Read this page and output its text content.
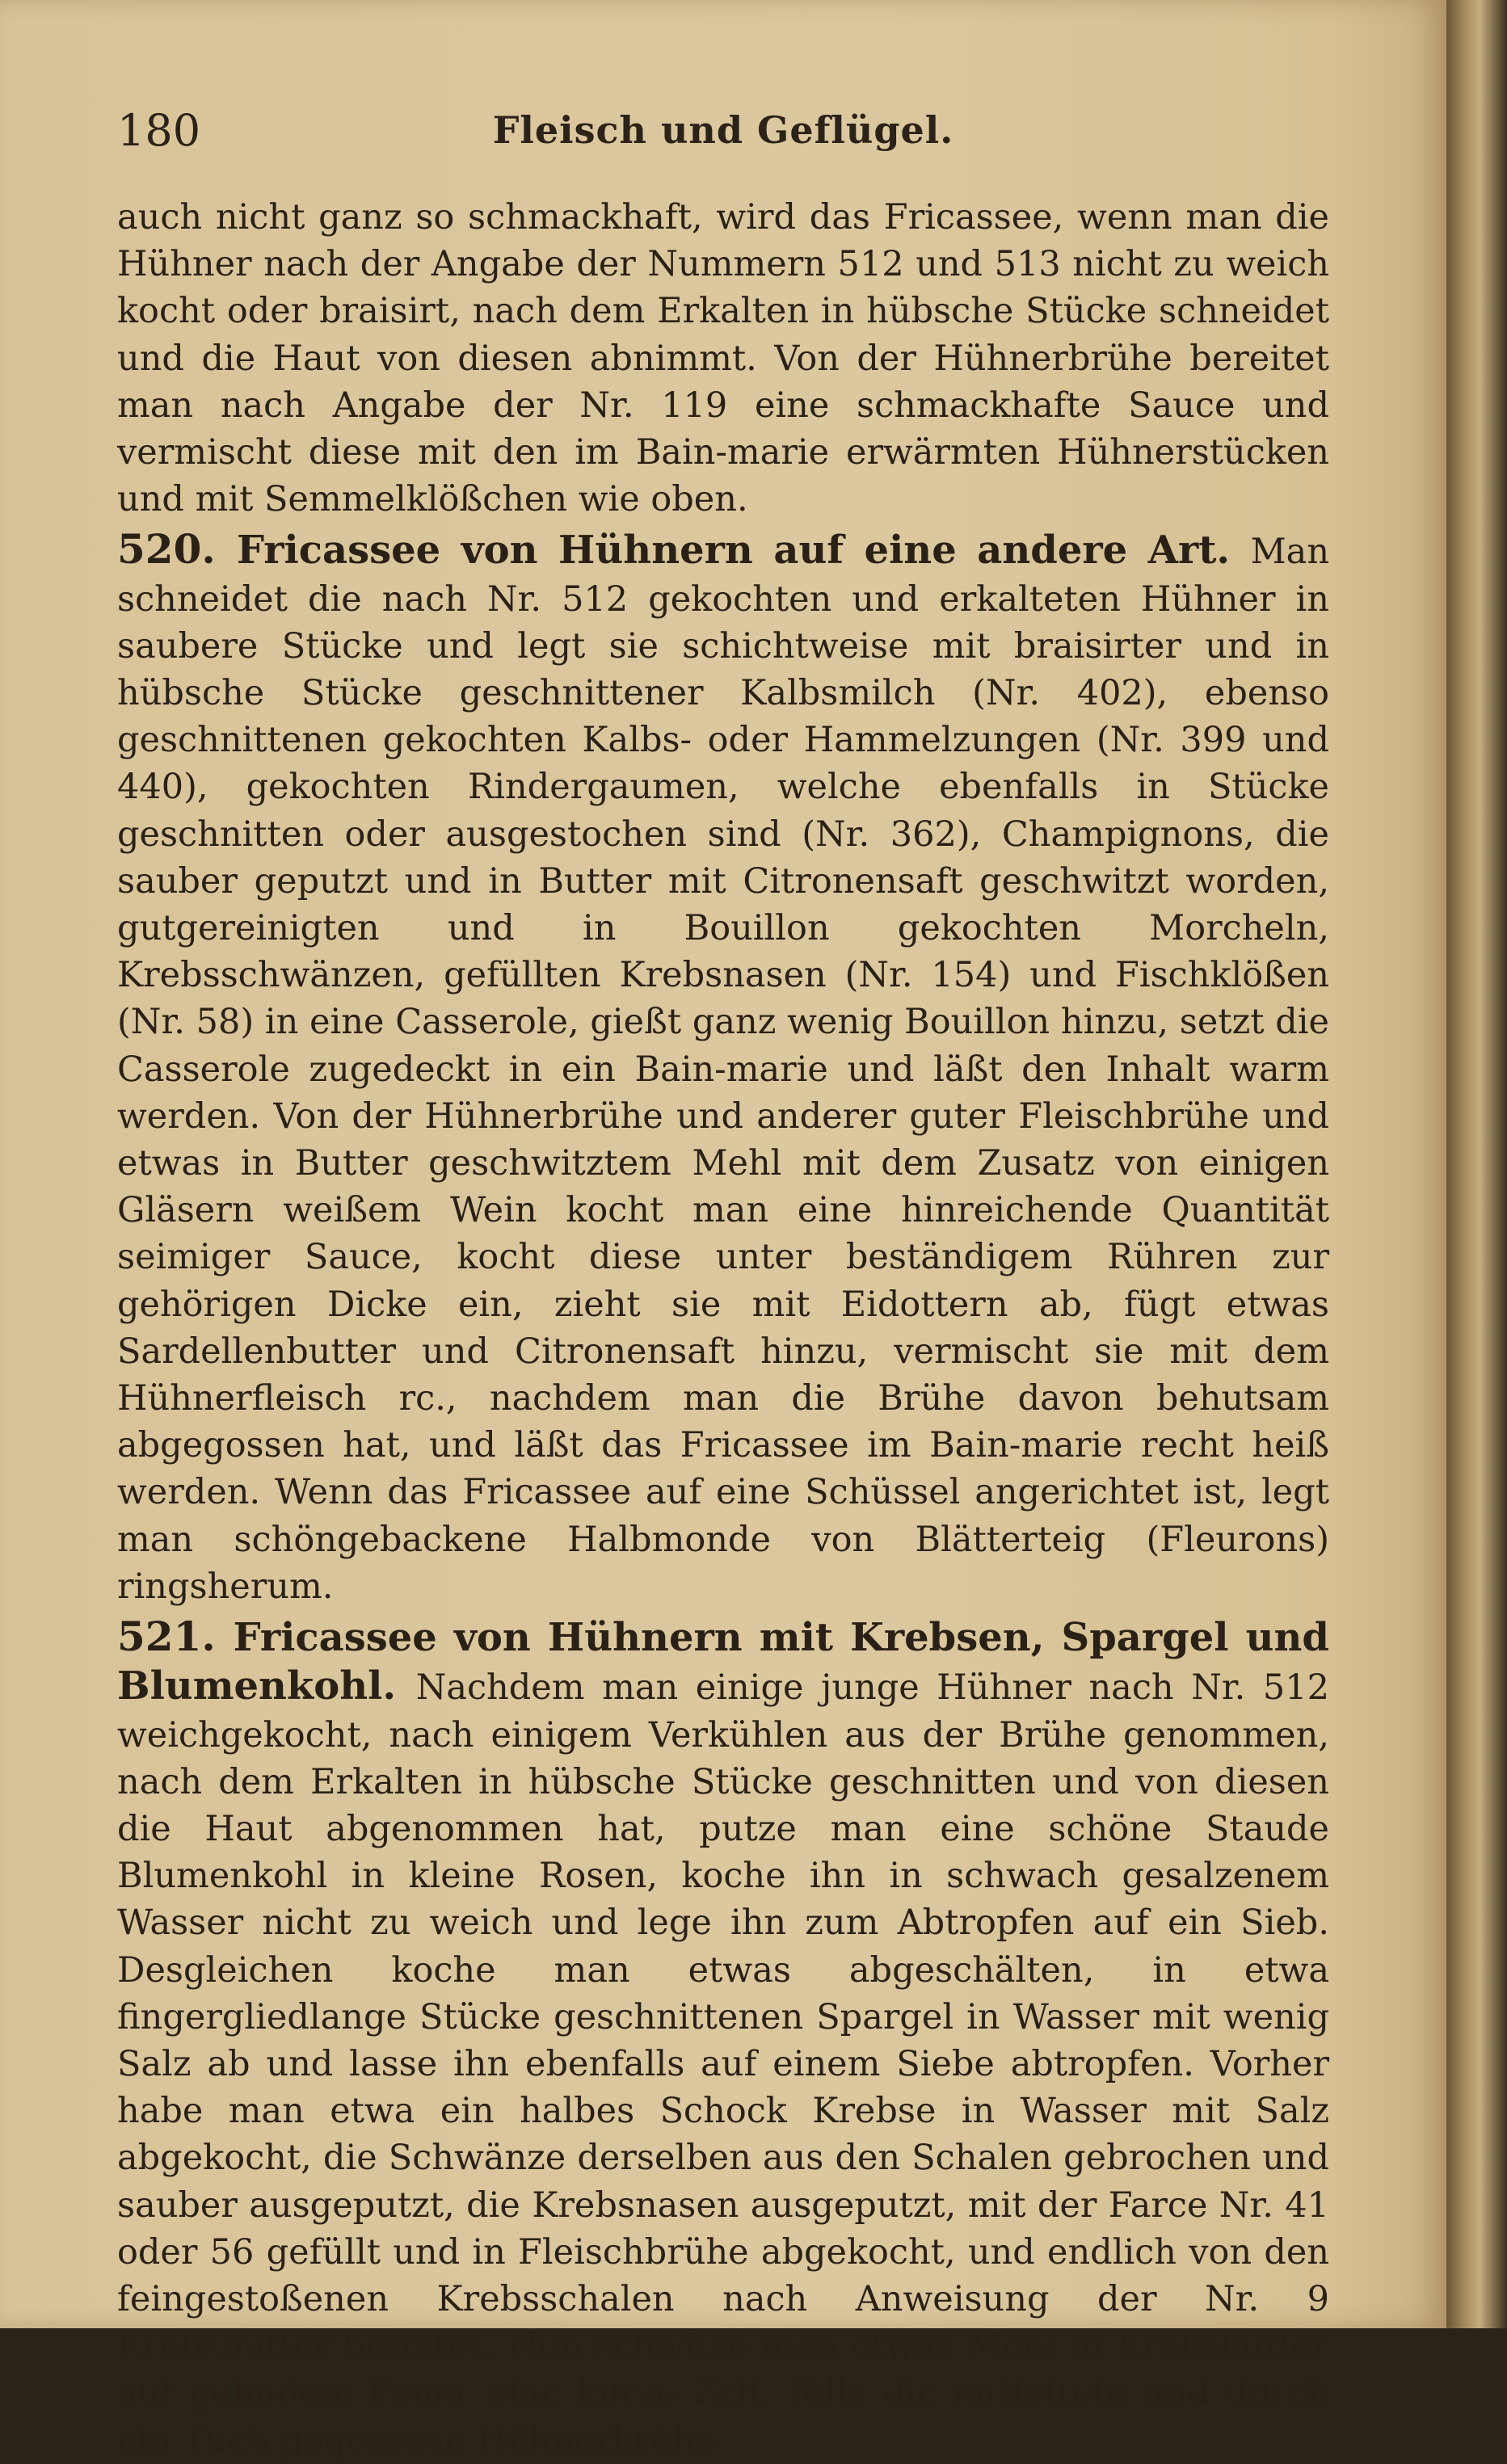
180	Fleisch und Geflügel.

auch nicht ganz so schmackhaft, wird das Fricassee, wenn man die Hühner nach der Angabe der Nummern 512 und 513 nicht zu weich kocht oder braisirt, nach dem Erkalten in hübsche Stücke schneidet und die Haut von diesen abnimmt. Von der Hühnerbrühe bereitet man nach Angabe der Nr. 119 eine schmackhafte Sauce und vermischt diese mit den im Bain-marie erwärmten Hühnerstücken und mit Semmelklößchen wie oben.

520. Fricassee von Hühnern auf eine andere Art. Man schneidet die nach Nr. 512 gekochten und erkalteten Hühner in saubere Stücke und legt sie schichtweise mit braisirter und in hübsche Stücke geschnittener Kalbsmilch (Nr. 402), ebenso geschnittenen gekochten Kalbs- oder Hammelzungen (Nr. 399 und 440), gekochten Rindergaumen, welche ebenfalls in Stücke geschnitten oder ausgestochen sind (Nr. 362), Champignons, die sauber geputzt und in Butter mit Citronensaft geschwitzt worden, gutgereinigten und in Bouillon gekochten Morcheln, Krebsschwänzen, gefüllten Krebsnasen (Nr. 154) und Fischklößen (Nr. 58) in eine Casserole, gießt ganz wenig Bouillon hinzu, setzt die Casserole zugedeckt in ein Bain-marie und läßt den Inhalt warm werden. Von der Hühnerbrühe und anderer guter Fleischbrühe und etwas in Butter geschwitztem Mehl mit dem Zusatz von einigen Gläsern weißem Wein kocht man eine hinreichende Quantität seimiger Sauce, kocht diese unter beständigem Rühren zur gehörigen Dicke ein, zieht sie mit Eidottern ab, fügt etwas Sardellenbutter und Citronensaft hinzu, vermischt sie mit dem Hühnerfleisch rc., nachdem man die Brühe davon behutsam abgegossen hat, und läßt das Fricassee im Bain-marie recht heiß werden. Wenn das Fricassee auf eine Schüssel angerichtet ist, legt man schöngebackene Halbmonde von Blätterteig (Fleurons) ringsherum.

521. Fricassee von Hühnern mit Krebsen, Spargel und Blumenkohl. Nachdem man einige junge Hühner nach Nr. 512 weichgekocht, nach einigem Verkühlen aus der Brühe genommen, nach dem Erkalten in hübsche Stücke geschnitten und von diesen die Haut abgenommen hat, putze man eine schöne Staude Blumenkohl in kleine Rosen, koche ihn in schwach gesalzenem Wasser nicht zu weich und lege ihn zum Abtropfen auf ein Sieb. Desgleichen koche man etwas abgeschälten, in etwa fingergliedlange Stücke geschnittenen Spargel in Wasser mit wenig Salz ab und lasse ihn ebenfalls auf einem Siebe abtropfen. Vorher habe man etwa ein halbes Schock Krebse in Wasser mit Salz abgekocht, die Schwänze derselben aus den Schalen gebrochen und sauber ausgeputzt, die Krebsnasen ausgeputzt, mit der Farce Nr. 41 oder 56 gefüllt und in Fleischbrühe abgekocht, und endlich von den feingestoßenen Krebsschalen nach Anweisung der Nr. 9 Krebsbutter bereitet. Nun schwitze man etwas Mehl in Krebsbutter auf gelindem Feuer eine kurze Zeit, fülle die entfettete und durch ein Tuch gegossene Hühnerbrühe
